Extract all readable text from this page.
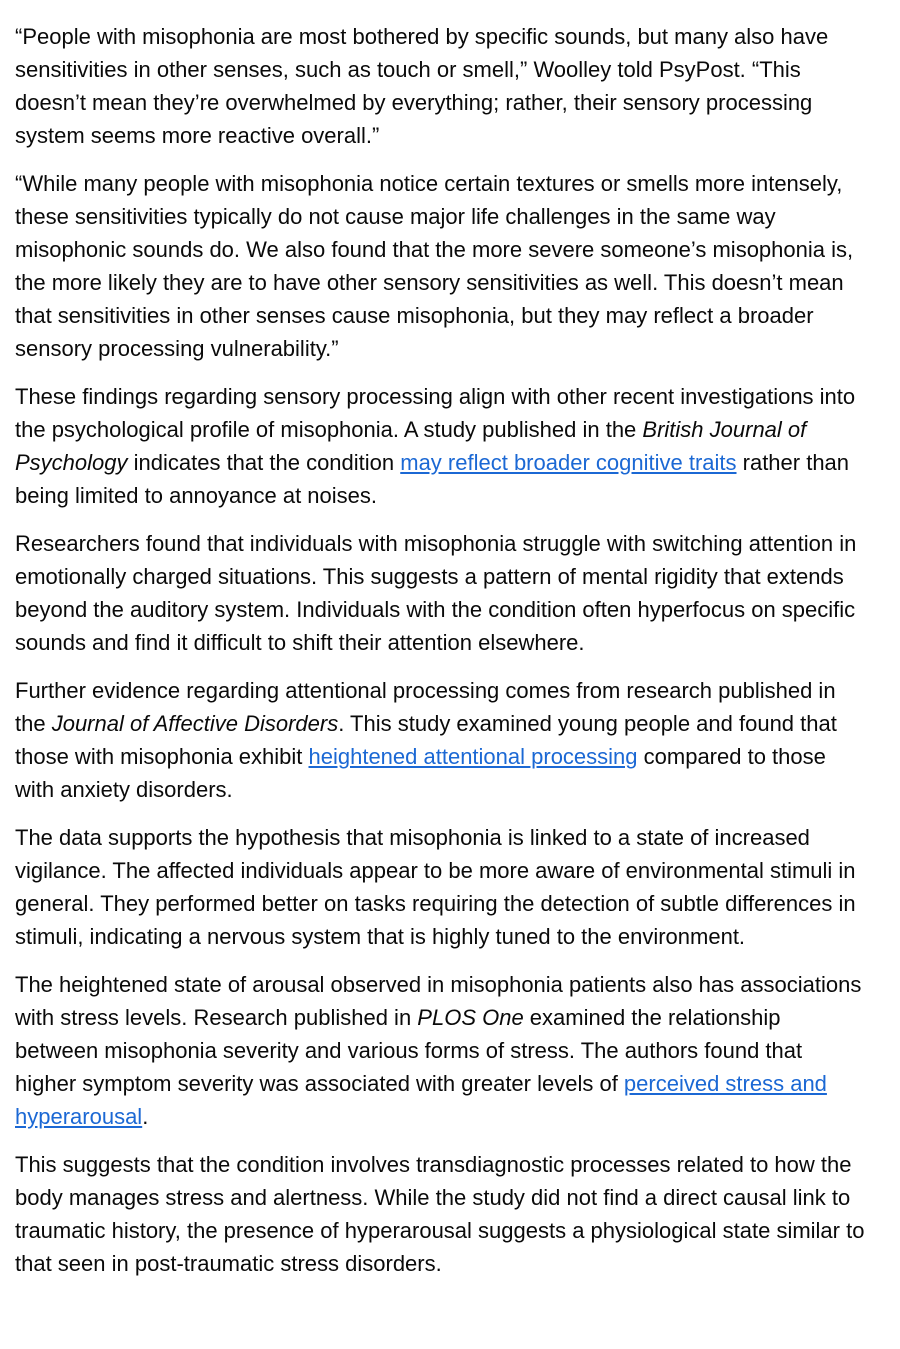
“People with misophonia are most bothered by specific sounds, but many also have sensitivities in other senses, such as touch or smell,” Woolley told PsyPost. “This doesn’t mean they’re overwhelmed by everything; rather, their sensory processing system seems more reactive overall.”

“While many people with misophonia notice certain textures or smells more intensely, these sensitivities typically do not cause major life challenges in the same way misophonic sounds do. We also found that the more severe someone’s misophonia is, the more likely they are to have other sensory sensitivities as well. This doesn’t mean that sensitivities in other senses cause misophonia, but they may reflect a broader sensory processing vulnerability.”

These findings regarding sensory processing align with other recent investigations into the psychological profile of misophonia. A study published in the British Journal of Psychology indicates that the condition may reflect broader cognitive traits rather than being limited to annoyance at noises.

Researchers found that individuals with misophonia struggle with switching attention in emotionally charged situations. This suggests a pattern of mental rigidity that extends beyond the auditory system. Individuals with the condition often hyperfocus on specific sounds and find it difficult to shift their attention elsewhere.

Further evidence regarding attentional processing comes from research published in the Journal of Affective Disorders. This study examined young people and found that those with misophonia exhibit heightened attentional processing compared to those with anxiety disorders.

The data supports the hypothesis that misophonia is linked to a state of increased vigilance. The affected individuals appear to be more aware of environmental stimuli in general. They performed better on tasks requiring the detection of subtle differences in stimuli, indicating a nervous system that is highly tuned to the environment.

The heightened state of arousal observed in misophonia patients also has associations with stress levels. Research published in PLOS One examined the relationship between misophonia severity and various forms of stress. The authors found that higher symptom severity was associated with greater levels of perceived stress and hyperarousal.

This suggests that the condition involves transdiagnostic processes related to how the body manages stress and alertness. While the study did not find a direct causal link to traumatic history, the presence of hyperarousal suggests a physiological state similar to that seen in post-traumatic stress disorders.
